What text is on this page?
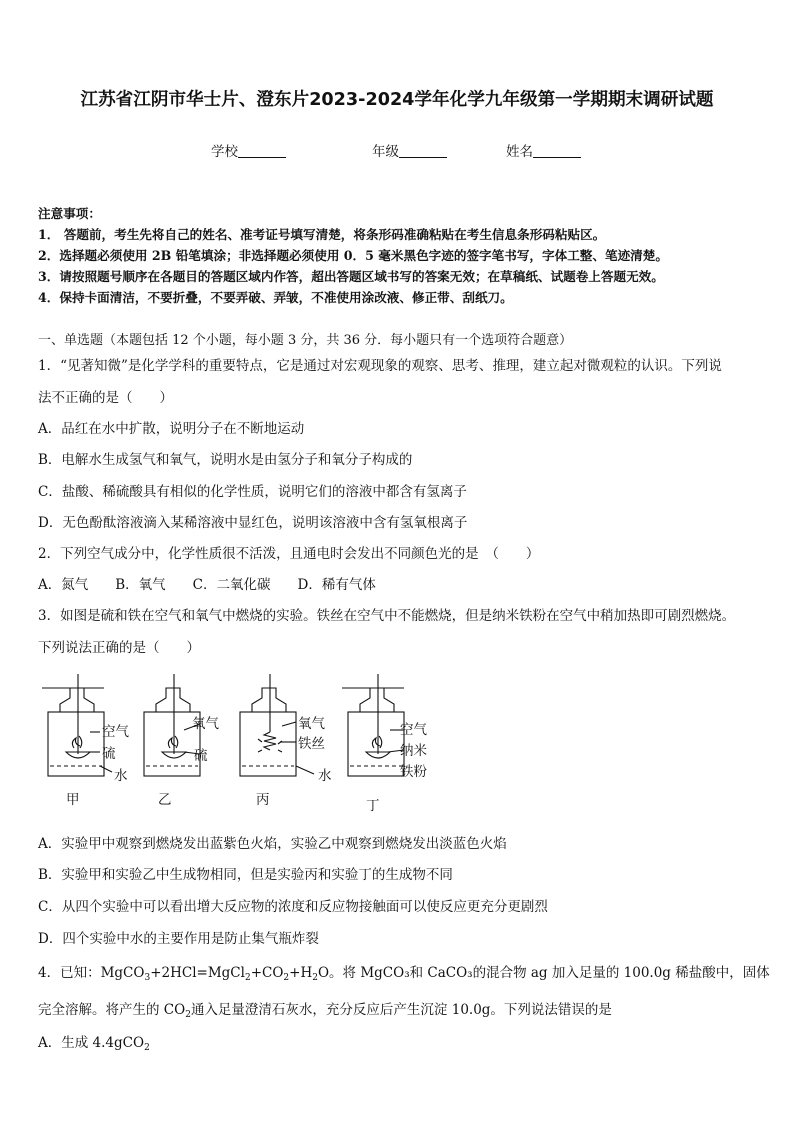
江苏省江阴市华士片、澄东片2023-2024学年化学九年级第一学期期末调研试题
学校	年级	姓名
注意事项：
1． 答题前，考生先将自己的姓名、准考证号填写清楚，将条形码准确粘贴在考生信息条形码粘贴区。
2．选择题必须使用 2B 铅笔填涂；非选择题必须使用 0．5 毫米黑色字迹的签字笔书写，字体工整、笔迹清楚。
3．请按照题号顺序在各题目的答题区域内作答，超出答题区域书写的答案无效；在草稿纸、试题卷上答题无效。
4．保持卡面清洁，不要折叠，不要弄破、弄皱，不准使用涂改液、修正带、刮纸刀。
一、单选题（本题包括 12 个小题，每小题 3 分，共 36 分．每小题只有一个选项符合题意）
1．“见著知微”是化学学科的重要特点，它是通过对宏观现象的观察、思考、推理，建立起对微观粒的认识。下列说
法不正确的是（　　）
A．品红在水中扩散，说明分子在不断地运动
B．电解水生成氢气和氧气，说明水是由氢分子和氧分子构成的
C．盐酸、稀硫酸具有相似的化学性质，说明它们的溶液中都含有氢离子
D．无色酚酞溶液滴入某稀溶液中显红色，说明该溶液中含有氢氧根离子
2．下列空气成分中，化学性质很不活泼，且通电时会发出不同颜色光的是　（　　）
A．氮气　　B．氧气　　C．二氧化碳　　D．稀有气体
3．如图是硫和铁在空气和氧气中燃烧的实验。铁丝在空气中不能燃烧，但是纳米铁粉在空气中稍加热即可剧烈燃烧。
下列说法正确的是（　　）
空气
硫
水
氧气
硫
氧气
铁丝
水
空气
纳米
铁粉
甲	乙	丙	丁
A．实验甲中观察到燃烧发出蓝紫色火焰，实验乙中观察到燃烧发出淡蓝色火焰
B．实验甲和实验乙中生成物相同，但是实验丙和实验丁的生成物不同
C．从四个实验中可以看出增大反应物的浓度和反应物接触面可以使反应更充分更剧烈
D．四个实验中水的主要作用是防止集气瓶炸裂
4．已知：$MgCO_3+2HCl=MgCl_2+CO_2+H_2O$。将 MgCO₃和 CaCO₃的混合物 ag 加入足量的 100.0g 稀盐酸中，固体
完全溶解。将产生的 $CO_2$通入足量澄清石灰水，充分反应后产生沉淀 10.0g。下列说法错误的是
A．生成 4.4gCO$_2$
